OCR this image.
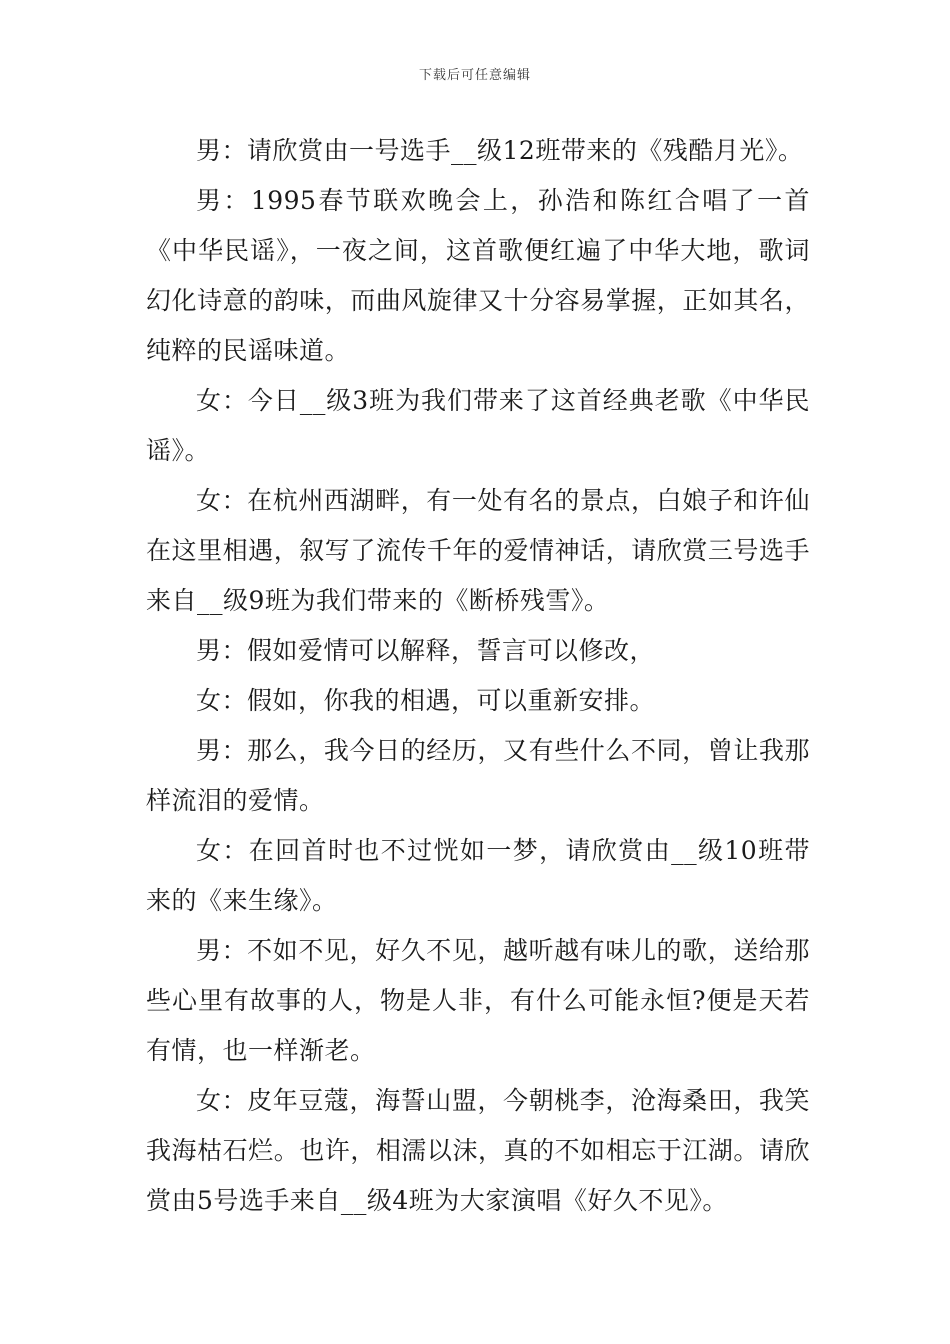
下载后可任意编辑

男：请欣赏由一号选手__级12班带来的《残酷月光》。

男：1995春节联欢晚会上，孙浩和陈红合唱了一首《中华民谣》，一夜之间，这首歌便红遍了中华大地，歌词幻化诗意的韵味，而曲风旋律又十分容易掌握，正如其名，纯粹的民谣味道。

女：今日__级3班为我们带来了这首经典老歌《中华民谣》。

女：在杭州西湖畔，有一处有名的景点，白娘子和许仙在这里相遇，叙写了流传千年的爱情神话，请欣赏三号选手来自__级9班为我们带来的《断桥残雪》。

男：假如爱情可以解释，誓言可以修改，

女：假如，你我的相遇，可以重新安排。

男：那么，我今日的经历，又有些什么不同，曾让我那样流泪的爱情。

女：在回首时也不过恍如一梦，请欣赏由__级10班带来的《来生缘》。

男：不如不见，好久不见，越听越有味儿的歌，送给那些心里有故事的人，物是人非，有什么可能永恒?便是天若有情，也一样渐老。

女：皮年豆蔻，海誓山盟，今朝桃李，沧海桑田，我笑我海枯石烂。也许，相濡以沫，真的不如相忘于江湖。请欣赏由5号选手来自__级4班为大家演唱《好久不见》。
